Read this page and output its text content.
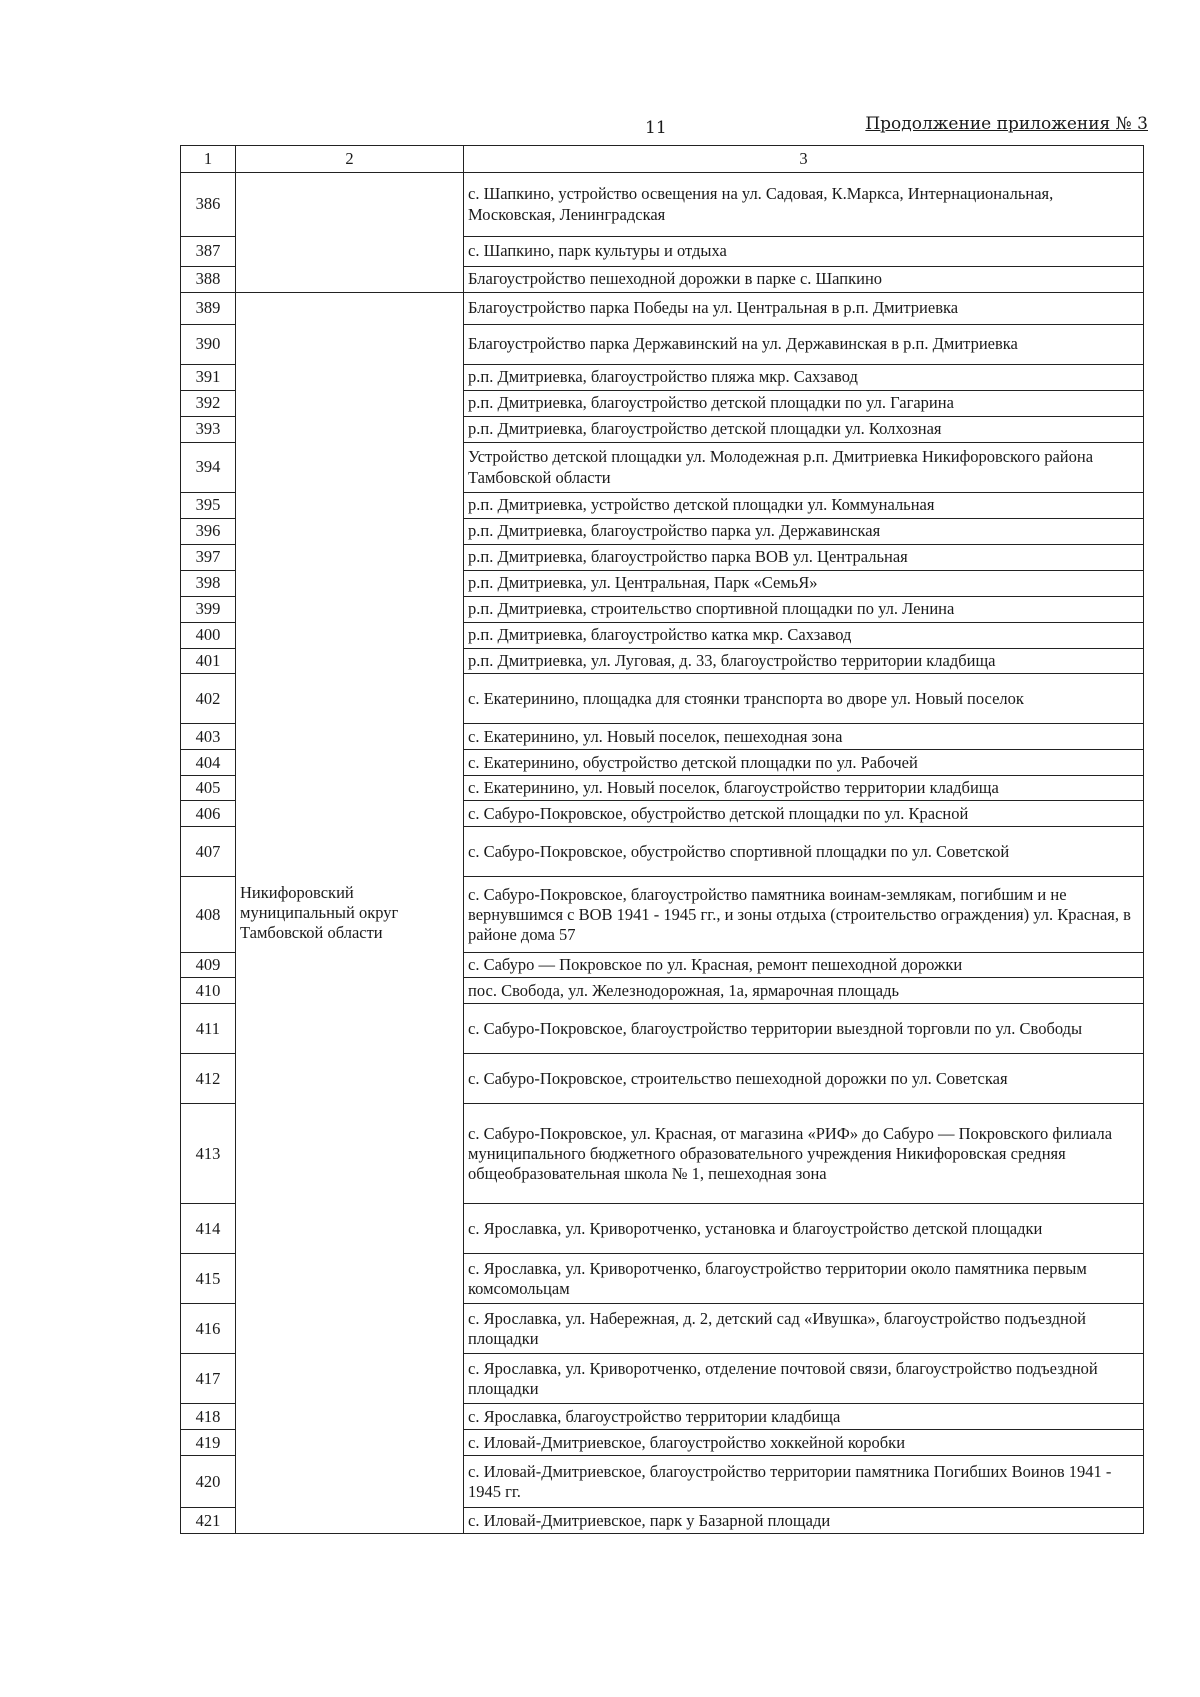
11	Продолжение приложения № 3
1	2	3
386		с. Шапкино, устройство освещения на ул. Садовая, К.Маркса, Интернациональная, Московская, Ленинградская
387		с. Шапкино, парк культуры и отдыха
388		Благоустройство пешеходной дорожки в парке с. Шапкино
389	Никифоровский муниципальный округ Тамбовской области	Благоустройство парка Победы на ул. Центральная в р.п. Дмитриевка
390		Благоустройство парка Державинский на ул. Державинская в р.п. Дмитриевка
391		р.п. Дмитриевка, благоустройство пляжа мкр. Сахзавод
392		р.п. Дмитриевка, благоустройство детской площадки по ул. Гагарина
393		р.п. Дмитриевка, благоустройство детской площадки ул. Колхозная
394		Устройство детской площадки ул. Молодежная р.п. Дмитриевка Никифоровского района Тамбовской области
395		р.п. Дмитриевка, устройство детской площадки ул. Коммунальная
396		р.п. Дмитриевка, благоустройство парка ул. Державинская
397		р.п. Дмитриевка, благоустройство парка ВОВ ул. Центральная
398		р.п. Дмитриевка, ул. Центральная, Парк «СемьЯ»
399		р.п. Дмитриевка, строительство спортивной площадки по ул. Ленина
400		р.п. Дмитриевка, благоустройство катка мкр. Сахзавод
401		р.п. Дмитриевка, ул. Луговая, д. 33, благоустройство территории кладбища
402		с. Екатеринино, площадка для стоянки транспорта во дворе ул. Новый поселок
403		с. Екатеринино, ул. Новый поселок, пешеходная зона
404		с. Екатеринино, обустройство детской площадки по ул. Рабочей
405		с. Екатеринино, ул. Новый поселок, благоустройство территории кладбища
406		с. Сабуро-Покровское, обустройство детской площадки по ул. Красной
407		с. Сабуро-Покровское, обустройство спортивной площадки по ул. Советской
408		с. Сабуро-Покровское, благоустройство памятника воинам-землякам, погибшим и не вернувшимся с ВОВ 1941 - 1945 гг., и зоны отдыха (строительство ограждения) ул. Красная, в районе дома 57
409		с. Сабуро — Покровское по ул. Красная, ремонт пешеходной дорожки
410		пос. Свобода, ул. Железнодорожная, 1а, ярмарочная площадь
411		с. Сабуро-Покровское, благоустройство территории выездной торговли по ул. Свободы
412		с. Сабуро-Покровское, строительство пешеходной дорожки по ул. Советская
413		с. Сабуро-Покровское, ул. Красная, от магазина «РИФ» до Сабуро — Покровского филиала муниципального бюджетного образовательного учреждения Никифоровская средняя общеобразовательная школа № 1, пешеходная зона
414		с. Ярославка, ул. Криворотченко, установка и благоустройство детской площадки
415		с. Ярославка, ул. Криворотченко, благоустройство территории около памятника первым комсомольцам
416		с. Ярославка, ул. Набережная, д. 2, детский сад «Ивушка», благоустройство подъездной площадки
417		с. Ярославка, ул. Криворотченко, отделение почтовой связи, благоустройство подъездной площадки
418		с. Ярославка, благоустройство территории кладбища
419		с. Иловай-Дмитриевское, благоустройство хоккейной коробки
420		с. Иловай-Дмитриевское, благоустройство территории памятника Погибших Воинов 1941 - 1945 гг.
421		с. Иловай-Дмитриевское, парк у Базарной площади
